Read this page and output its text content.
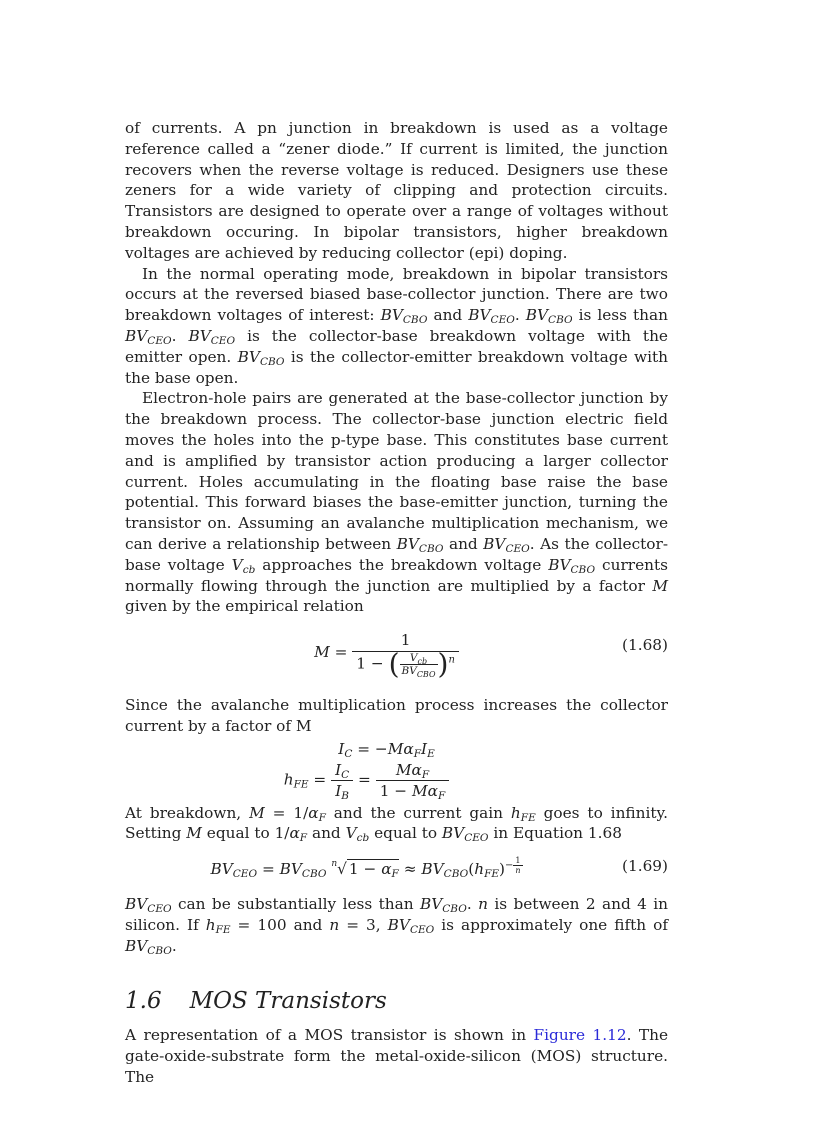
of currents. A pn junction in breakdown is used as a voltage reference called a “zener diode.” If current is limited, the junction recovers when the reverse voltage is reduced. Designers use these zeners for a wide variety of clipping and protection circuits. Transistors are designed to operate over a range of voltages without breakdown occuring. In bipolar transistors, higher breakdown voltages are achieved by reducing collector (epi) doping.

In the normal operating mode, breakdown in bipolar transistors occurs at the reversed biased base-collector junction. There are two breakdown voltages of interest: $BV_{CBO}$ and $BV_{CEO}$. $BV_{CBO}$ is less than $BV_{CEO}$. $BV_{CEO}$ is the collector-base breakdown voltage with the emitter open. $BV_{CBO}$ is the collector-emitter breakdown voltage with the base open.

Electron-hole pairs are generated at the base-collector junction by the breakdown process. The collector-base junction electric field moves the holes into the p-type base. This constitutes base current and is amplified by transistor action producing a larger collector current. Holes accumulating in the floating base raise the base potential. This forward biases the base-emitter junction, turning the transistor on. Assuming an avalanche multiplication mechanism, we can derive a relationship between $BV_{CBO}$ and $BV_{CEO}$. As the collector-base voltage $V_{cb}$ approaches the breakdown voltage $BV_{CBO}$ currents normally flowing through the junction are multiplied by a factor M given by the empirical relation

$M = \frac{1}{1 - ( \frac{V_{cb}}{BV_{CBO}} )^n}$	(1.68)

Since the avalanche multiplication process increases the collector current by a factor of M

$I_C = -M\alpha_FI_E$
$h_{FE} = \frac{I_C}{I_B} = \frac{M\alpha_F}{1 - M\alpha_F}$

At breakdown, $M = 1/\alpha_F$ and the current gain $h_{FE}$ goes to infinity. Setting M equal to $1/\alpha_F$ and $V_{cb}$ equal to $BV_{CEO}$ in Equation 1.68

$BV_{CEO} = BV_{CBO}$ $^n$√ $1 - \alpha_F \approx BV_{CBO}(h_{FE})^{- \frac{1}{n}}$	(1.69)

$BV_{CEO}$ can be substantially less than $BV_{CBO}$. n is between 2 and 4 in silicon. If $h_{FE} = 100$ and n = 3, $BV_{CEO}$ is approximately one fifth of $BV_{CBO}$.

1.6 MOS Transistors

A representation of a MOS transistor is shown in Figure 1.12. The gate-oxide-substrate form the metal-oxide-silicon (MOS) structure. The
